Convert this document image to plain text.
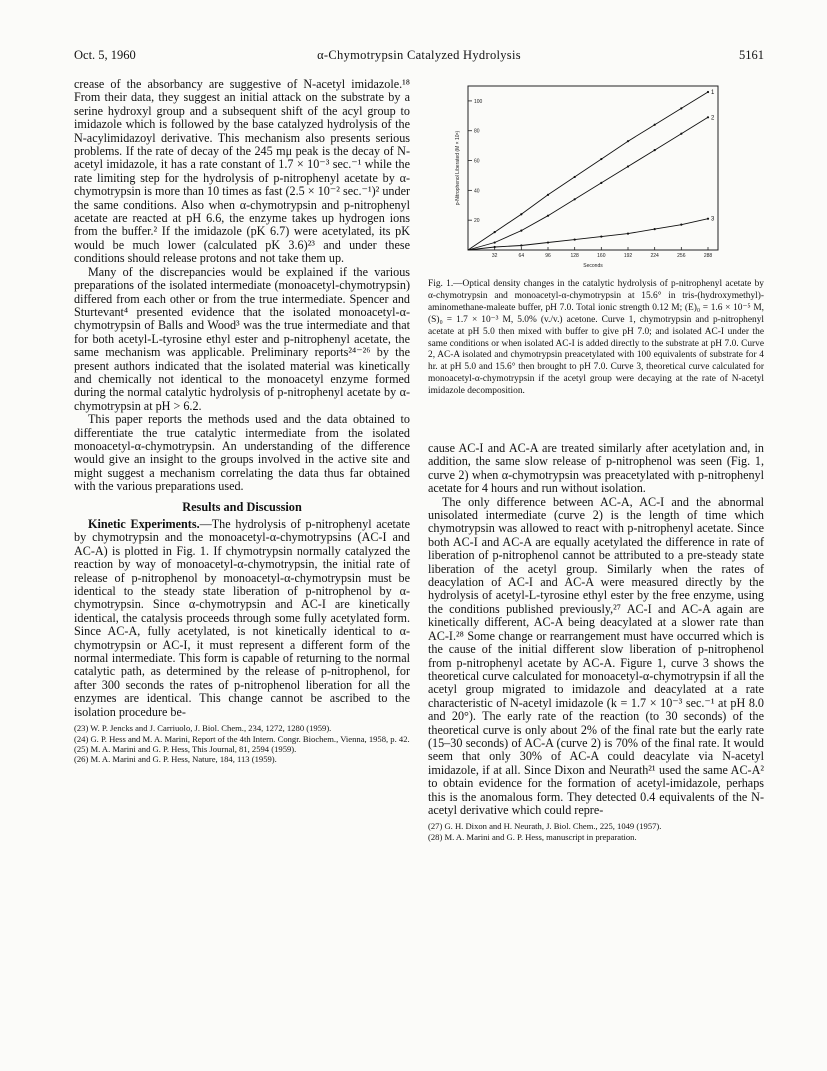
Oct. 5, 1960	α-Chymotrypsin Catalyzed Hydrolysis	5161

crease of the absorbancy are suggestive of N-acetyl imidazole.¹⁸ From their data, they suggest an initial attack on the substrate by a serine hydroxyl group and a subsequent shift of the acyl group to imidazole which is followed by the base catalyzed hydrolysis of the N-acylimidazoyl derivative. This mechanism also presents serious problems. If the rate of decay of the 245 mμ peak is the decay of N-acetyl imidazole, it has a rate constant of 1.7 × 10⁻³ sec.⁻¹ while the rate limiting step for the hydrolysis of p-nitrophenyl acetate by α-chymotrypsin is more than 10 times as fast (2.5 × 10⁻² sec.⁻¹)² under the same conditions. Also when α-chymotrypsin and p-nitrophenyl acetate are reacted at pH 6.6, the enzyme takes up hydrogen ions from the buffer.² If the imidazole (pK 6.7) were acetylated, its pK would be much lower (calculated pK 3.6)²³ and under these conditions should release protons and not take them up.

Many of the discrepancies would be explained if the various preparations of the isolated intermediate (monoacetyl-chymotrypsin) differed from each other or from the true intermediate. Spencer and Sturtevant⁴ presented evidence that the isolated monoacetyl-α-chymotrypsin of Balls and Wood³ was the true intermediate and that for both acetyl-L-tyrosine ethyl ester and p-nitrophenyl acetate, the same mechanism was applicable. Preliminary reports²⁴⁻²⁶ by the present authors indicated that the isolated material was kinetically and chemically not identical to the monoacetyl enzyme formed during the normal catalytic hydrolysis of p-nitrophenyl acetate by α-chymotrypsin at pH > 6.2.

This paper reports the methods used and the data obtained to differentiate the true catalytic intermediate from the isolated monoacetyl-α-chymotrypsin. An understanding of the difference would give an insight to the groups involved in the active site and might suggest a mechanism correlating the data thus far obtained with the various preparations used.

Results and Discussion

Kinetic Experiments.—The hydrolysis of p-nitrophenyl acetate by chymotrypsin and the monoacetyl-α-chymotrypsins (AC-I and AC-A) is plotted in Fig. 1. If chymotrypsin normally catalyzed the reaction by way of monoacetyl-α-chymotrypsin, the initial rate of release of p-nitrophenol by monoacetyl-α-chymotrypsin must be identical to the steady state liberation of p-nitrophenol by α-chymotrypsin. Since α-chymotrypsin and AC-I are kinetically identical, the catalysis proceeds through some fully acetylated form. Since AC-A, fully acetylated, is not kinetically identical to α-chymotrypsin or AC-I, it must represent a different form of the normal intermediate. This form is capable of returning to the normal catalytic path, as determined by the release of p-nitrophenol, for after 300 seconds the rates of p-nitrophenol liberation for all the enzymes are identical. This change cannot be ascribed to the isolation procedure be-

(23) W. P. Jencks and J. Carriuolo, J. Biol. Chem., 234, 1272, 1280 (1959).
(24) G. P. Hess and M. A. Marini, Report of the 4th Intern. Congr. Biochem., Vienna, 1958, p. 42.
(25) M. A. Marini and G. P. Hess, This Journal, 81, 2594 (1959).
(26) M. A. Marini and G. P. Hess, Nature, 184, 113 (1959).
20
40
60
80
100
32	64	96	128	160	192	224	256	288
Seconds
p-Nitrophenol Liberated (M × 10⁶)
1
2
3
Fig. 1.—Optical density changes in the catalytic hydrolysis of p-nitrophenyl acetate by α-chymotrypsin and monoacetyl-α-chymotrypsin at 15.6° in tris-(hydroxymethyl)-aminomethane-maleate buffer, pH 7.0. Total ionic strength 0.12 M; (E)₀ = 1.6 × 10⁻⁵ M, (S)₀ = 1.7 × 10⁻³ M, 5.0% (v./v.) acetone. Curve 1, chymotrypsin and p-nitrophenyl acetate at pH 5.0 then mixed with buffer to give pH 7.0; and isolated AC-I under the same conditions or when isolated AC-I is added directly to the substrate at pH 7.0. Curve 2, AC-A isolated and chymotrypsin preacetylated with 100 equivalents of substrate for 4 hr. at pH 5.0 and 15.6° then brought to pH 7.0. Curve 3, theoretical curve calculated for monoacetyl-α-chymotrypsin if the acetyl group were decaying at the rate of N-acetyl imidazole decomposition.

cause AC-I and AC-A are treated similarly after acetylation and, in addition, the same slow release of p-nitrophenol was seen (Fig. 1, curve 2) when α-chymotrypsin was preacetylated with p-nitrophenyl acetate for 4 hours and run without isolation.

The only difference between AC-A, AC-I and the abnormal unisolated intermediate (curve 2) is the length of time which chymotrypsin was allowed to react with p-nitrophenyl acetate. Since both AC-I and AC-A are equally acetylated the difference in rate of liberation of p-nitrophenol cannot be attributed to a pre-steady state liberation of the acetyl group. Similarly when the rates of deacylation of AC-I and AC-A were measured directly by the hydrolysis of acetyl-L-tyrosine ethyl ester by the free enzyme, using the conditions published previously,²⁷ AC-I and AC-A again are kinetically different, AC-A being deacylated at a slower rate than AC-I.²⁸ Some change or rearrangement must have occurred which is the cause of the initial different slow liberation of p-nitrophenol from p-nitrophenyl acetate by AC-A. Figure 1, curve 3 shows the theoretical curve calculated for monoacetyl-α-chymotrypsin if all the acetyl group migrated to imidazole and deacylated at a rate characteristic of N-acetyl imidazole (k = 1.7 × 10⁻³ sec.⁻¹ at pH 8.0 and 20°). The early rate of the reaction (to 30 seconds) of the theoretical curve is only about 2% of the final rate but the early rate (15–30 seconds) of AC-A (curve 2) is 70% of the final rate. It would seem that only 30% of AC-A could deacylate via N-acetyl imidazole, if at all. Since Dixon and Neurath²¹ used the same AC-A² to obtain evidence for the formation of acetyl-imidazole, perhaps this is the anomalous form. They detected 0.4 equivalents of the N-acetyl derivative which could repre-

(27) G. H. Dixon and H. Neurath, J. Biol. Chem., 225, 1049 (1957).
(28) M. A. Marini and G. P. Hess, manuscript in preparation.
